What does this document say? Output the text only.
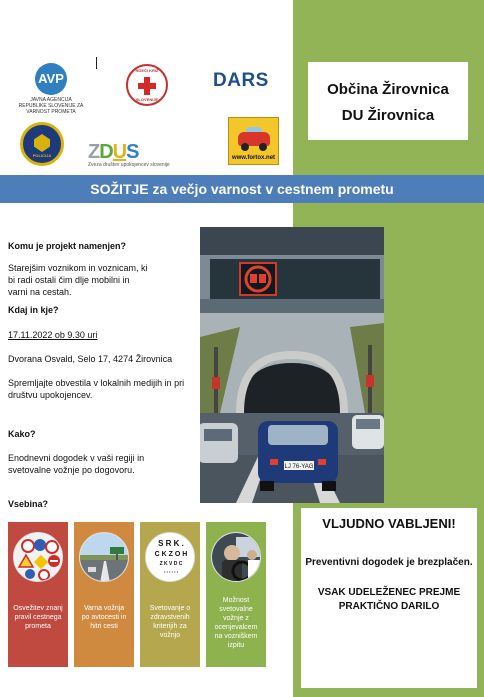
Občina Žirovnica
DU Žirovnica
AVP
JAVNA AGENCIJA REPUBLIKE SLOVENIJE ZA VARNOST PROMETA
RDEČI KRIŽ
SLOVENIJE
DARS
POLICIJA	ZDUS
Zveza društev upokojencev slovenije
www.fortox.net
SOŽITJE za večjo varnost v cestnem prometu
Komu je projekt namenjen?
Starejšim voznikom in voznicam, ki
bi radi ostali čim dlje mobilni in
varni na cestah.
Kdaj in kje?
17.11.2022 ob 9.30 uri
Dvorana Osvald, Selo 17, 4274 Žirovnica
Spremljajte obvestila v lokalnih medijih in pri
društvu upokojencev.
Kako?
Enodnevni dogodek v vaši regiji in
svetovalne vožnje po dogovoru.
Vsebina?
LJ 76-YAG
Osvežitev znanj
pravil cestnega
prometa
Varna vožnja
po avtocesti in
hitri cesti
S R K .
C K Z O H
Z K V D C
• • • • • •
Svetovanje o
zdravstvenih
kriterijih za
vožnjo
Možnost
svetovalne
vožnje z
ocenjevalcem
na vozniškem
izpitu
VLJUDNO VABLJENI!
Preventivni dogodek je brezplačen.
VSAK UDELEŽENEC PREJME
PRAKTIČNO DARILO
